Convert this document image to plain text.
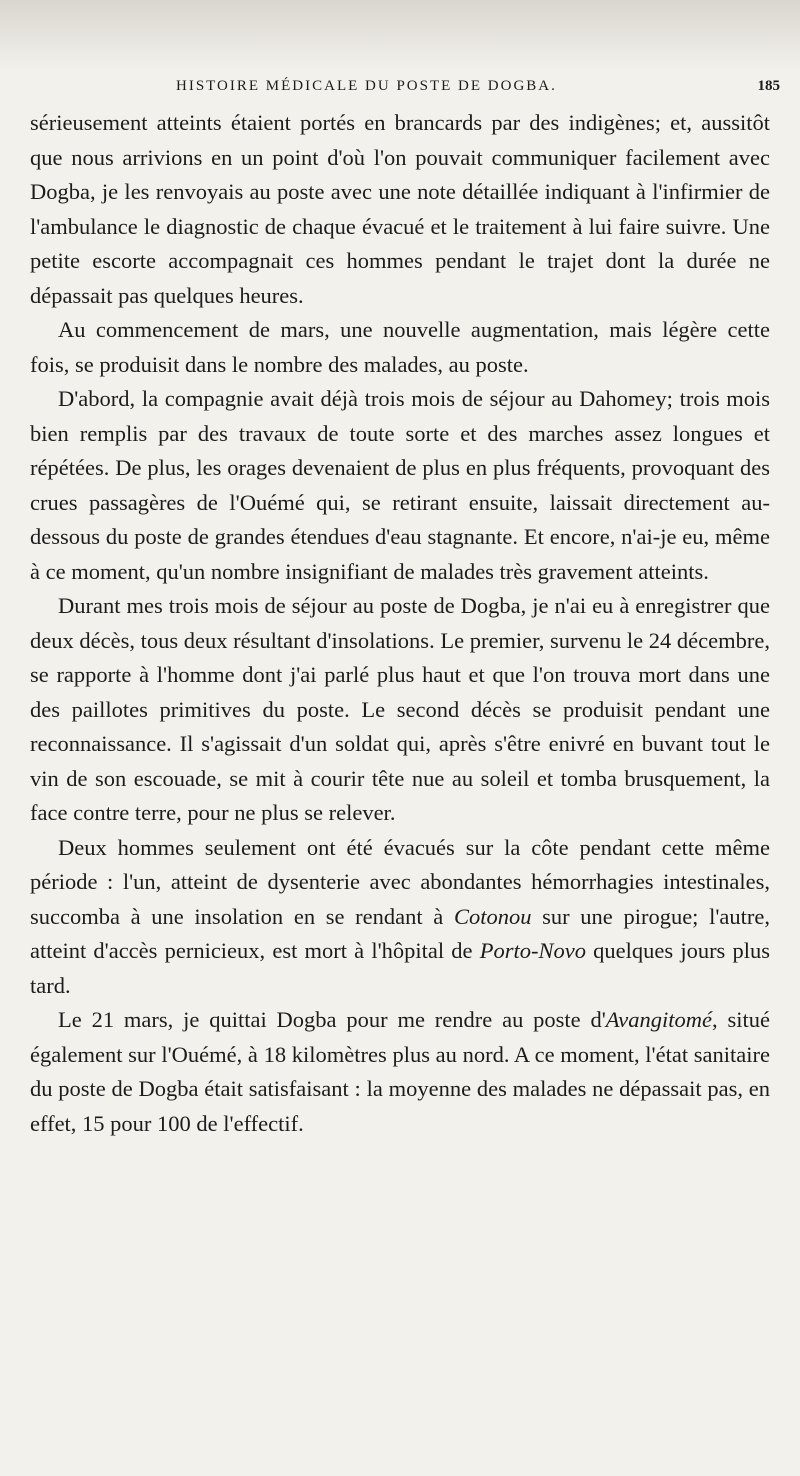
HISTOIRE MÉDICALE DU POSTE DE DOGBA.	185

sérieusement atteints étaient portés en brancards par des indigènes; et, aussitôt que nous arrivions en un point d'où l'on pouvait communiquer facilement avec Dogba, je les renvoyais au poste avec une note détaillée indiquant à l'infirmier de l'ambulance le diagnostic de chaque évacué et le traitement à lui faire suivre. Une petite escorte accompagnait ces hommes pendant le trajet dont la durée ne dépassait pas quelques heures.

Au commencement de mars, une nouvelle augmentation, mais légère cette fois, se produisit dans le nombre des malades, au poste.

D'abord, la compagnie avait déjà trois mois de séjour au Dahomey; trois mois bien remplis par des travaux de toute sorte et des marches assez longues et répétées. De plus, les orages devenaient de plus en plus fréquents, provoquant des crues passagères de l'Ouémé qui, se retirant ensuite, laissait directement au-dessous du poste de grandes étendues d'eau stagnante. Et encore, n'ai-je eu, même à ce moment, qu'un nombre insignifiant de malades très gravement atteints.

Durant mes trois mois de séjour au poste de Dogba, je n'ai eu à enregistrer que deux décès, tous deux résultant d'insolations. Le premier, survenu le 24 décembre, se rapporte à l'homme dont j'ai parlé plus haut et que l'on trouva mort dans une des paillotes primitives du poste. Le second décès se produisit pendant une reconnaissance. Il s'agissait d'un soldat qui, après s'être enivré en buvant tout le vin de son escouade, se mit à courir tête nue au soleil et tomba brusquement, la face contre terre, pour ne plus se relever.

Deux hommes seulement ont été évacués sur la côte pendant cette même période : l'un, atteint de dysenterie avec abondantes hémorrhagies intestinales, succomba à une insolation en se rendant à Cotonou sur une pirogue; l'autre, atteint d'accès pernicieux, est mort à l'hôpital de Porto-Novo quelques jours plus tard.

Le 21 mars, je quittai Dogba pour me rendre au poste d'Avangitomé, situé également sur l'Ouémé, à 18 kilomètres plus au nord. A ce moment, l'état sanitaire du poste de Dogba était satisfaisant : la moyenne des malades ne dépassait pas, en effet, 15 pour 100 de l'effectif.
